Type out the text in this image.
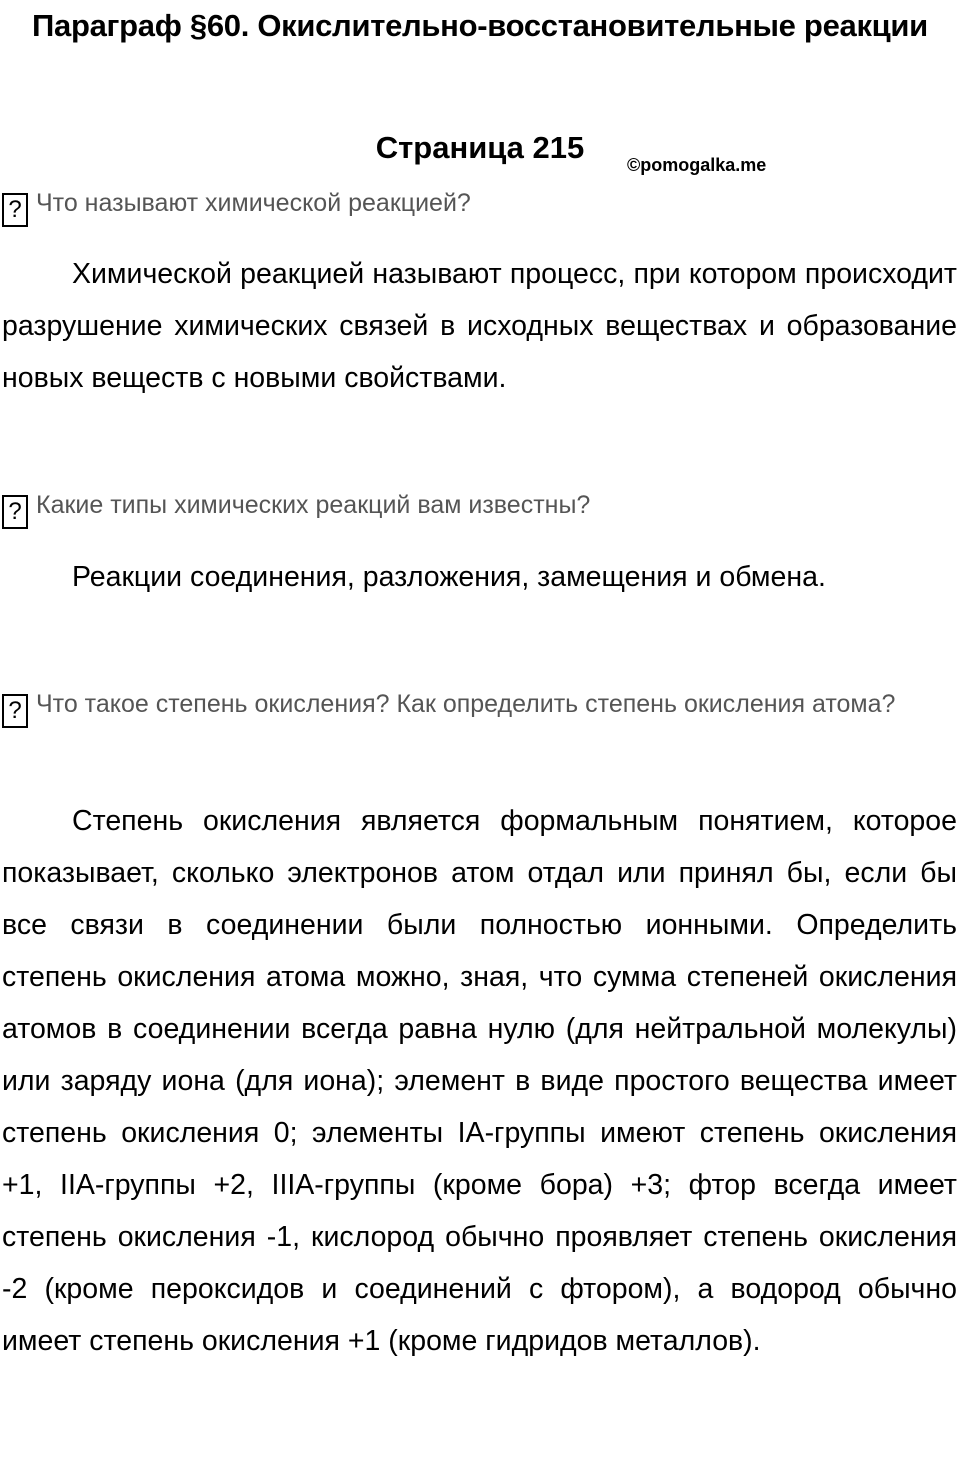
Параграф §60. Окислительно-восстановительные реакции
Страница 215	©pomogalka.me
? Что называют химической реакцией?
Химической реакцией называют процесс, при котором происходит разрушение химических связей в исходных веществах и образование новых веществ с новыми свойствами.
? Какие типы химических реакций вам известны?
Реакции соединения, разложения, замещения и обмена.
? Что такое степень окисления? Как определить степень окисления атома?
Степень окисления является формальным понятием, которое показывает, сколько электронов атом отдал или принял бы, если бы все связи в соединении были полностью ионными. Определить степень окисления атома можно, зная, что сумма степеней окисления атомов в соединении всегда равна нулю (для нейтральной молекулы) или заряду иона (для иона); элемент в виде простого вещества имеет степень окисления 0; элементы IA-группы имеют степень окисления +1, IIA-группы +2, IIIA-группы (кроме бора) +3; фтор всегда имеет степень окисления -1, кислород обычно проявляет степень окисления -2 (кроме пероксидов и соединений с фтором), а водород обычно имеет степень окисления +1 (кроме гидридов металлов).
